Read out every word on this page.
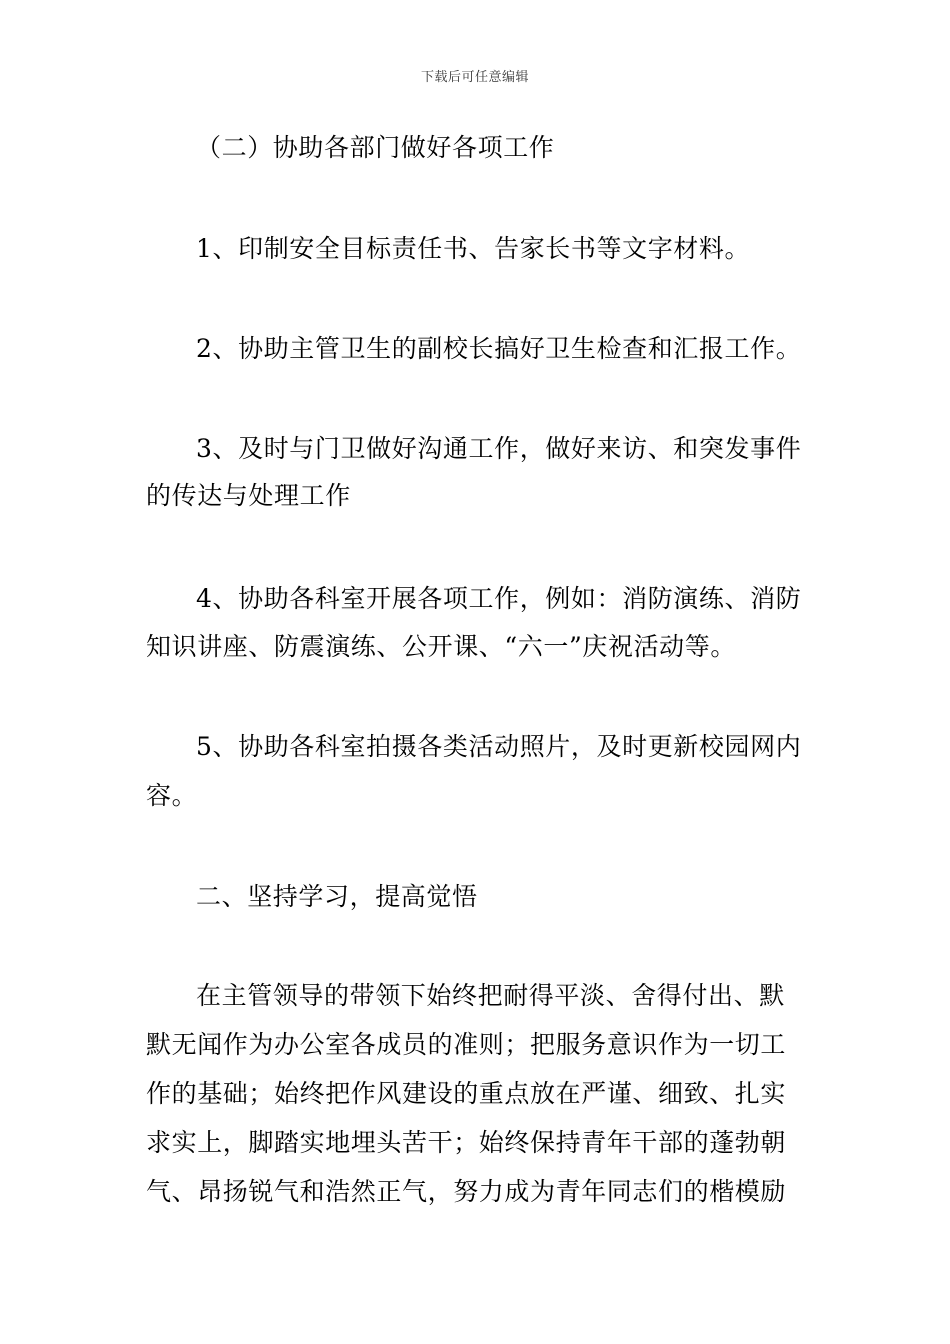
下载后可任意编辑
（二）协助各部门做好各项工作
1、印制安全目标责任书、告家长书等文字材料。
2、协助主管卫生的副校长搞好卫生检查和汇报工作。
3、及时与门卫做好沟通工作，做好来访、和突发事件
的传达与处理工作
4、协助各科室开展各项工作，例如：消防演练、消防
知识讲座、防震演练、公开课、“六一”庆祝活动等。
5、协助各科室拍摄各类活动照片，及时更新校园网内
容。
二、坚持学习，提高觉悟
在主管领导的带领下始终把耐得平淡、舍得付出、默
默无闻作为办公室各成员的准则；把服务意识作为一切工
作的基础；始终把作风建设的重点放在严谨、细致、扎实
求实上，脚踏实地埋头苦干；始终保持青年干部的蓬勃朝
气、昂扬锐气和浩然正气，努力成为青年同志们的楷模励
